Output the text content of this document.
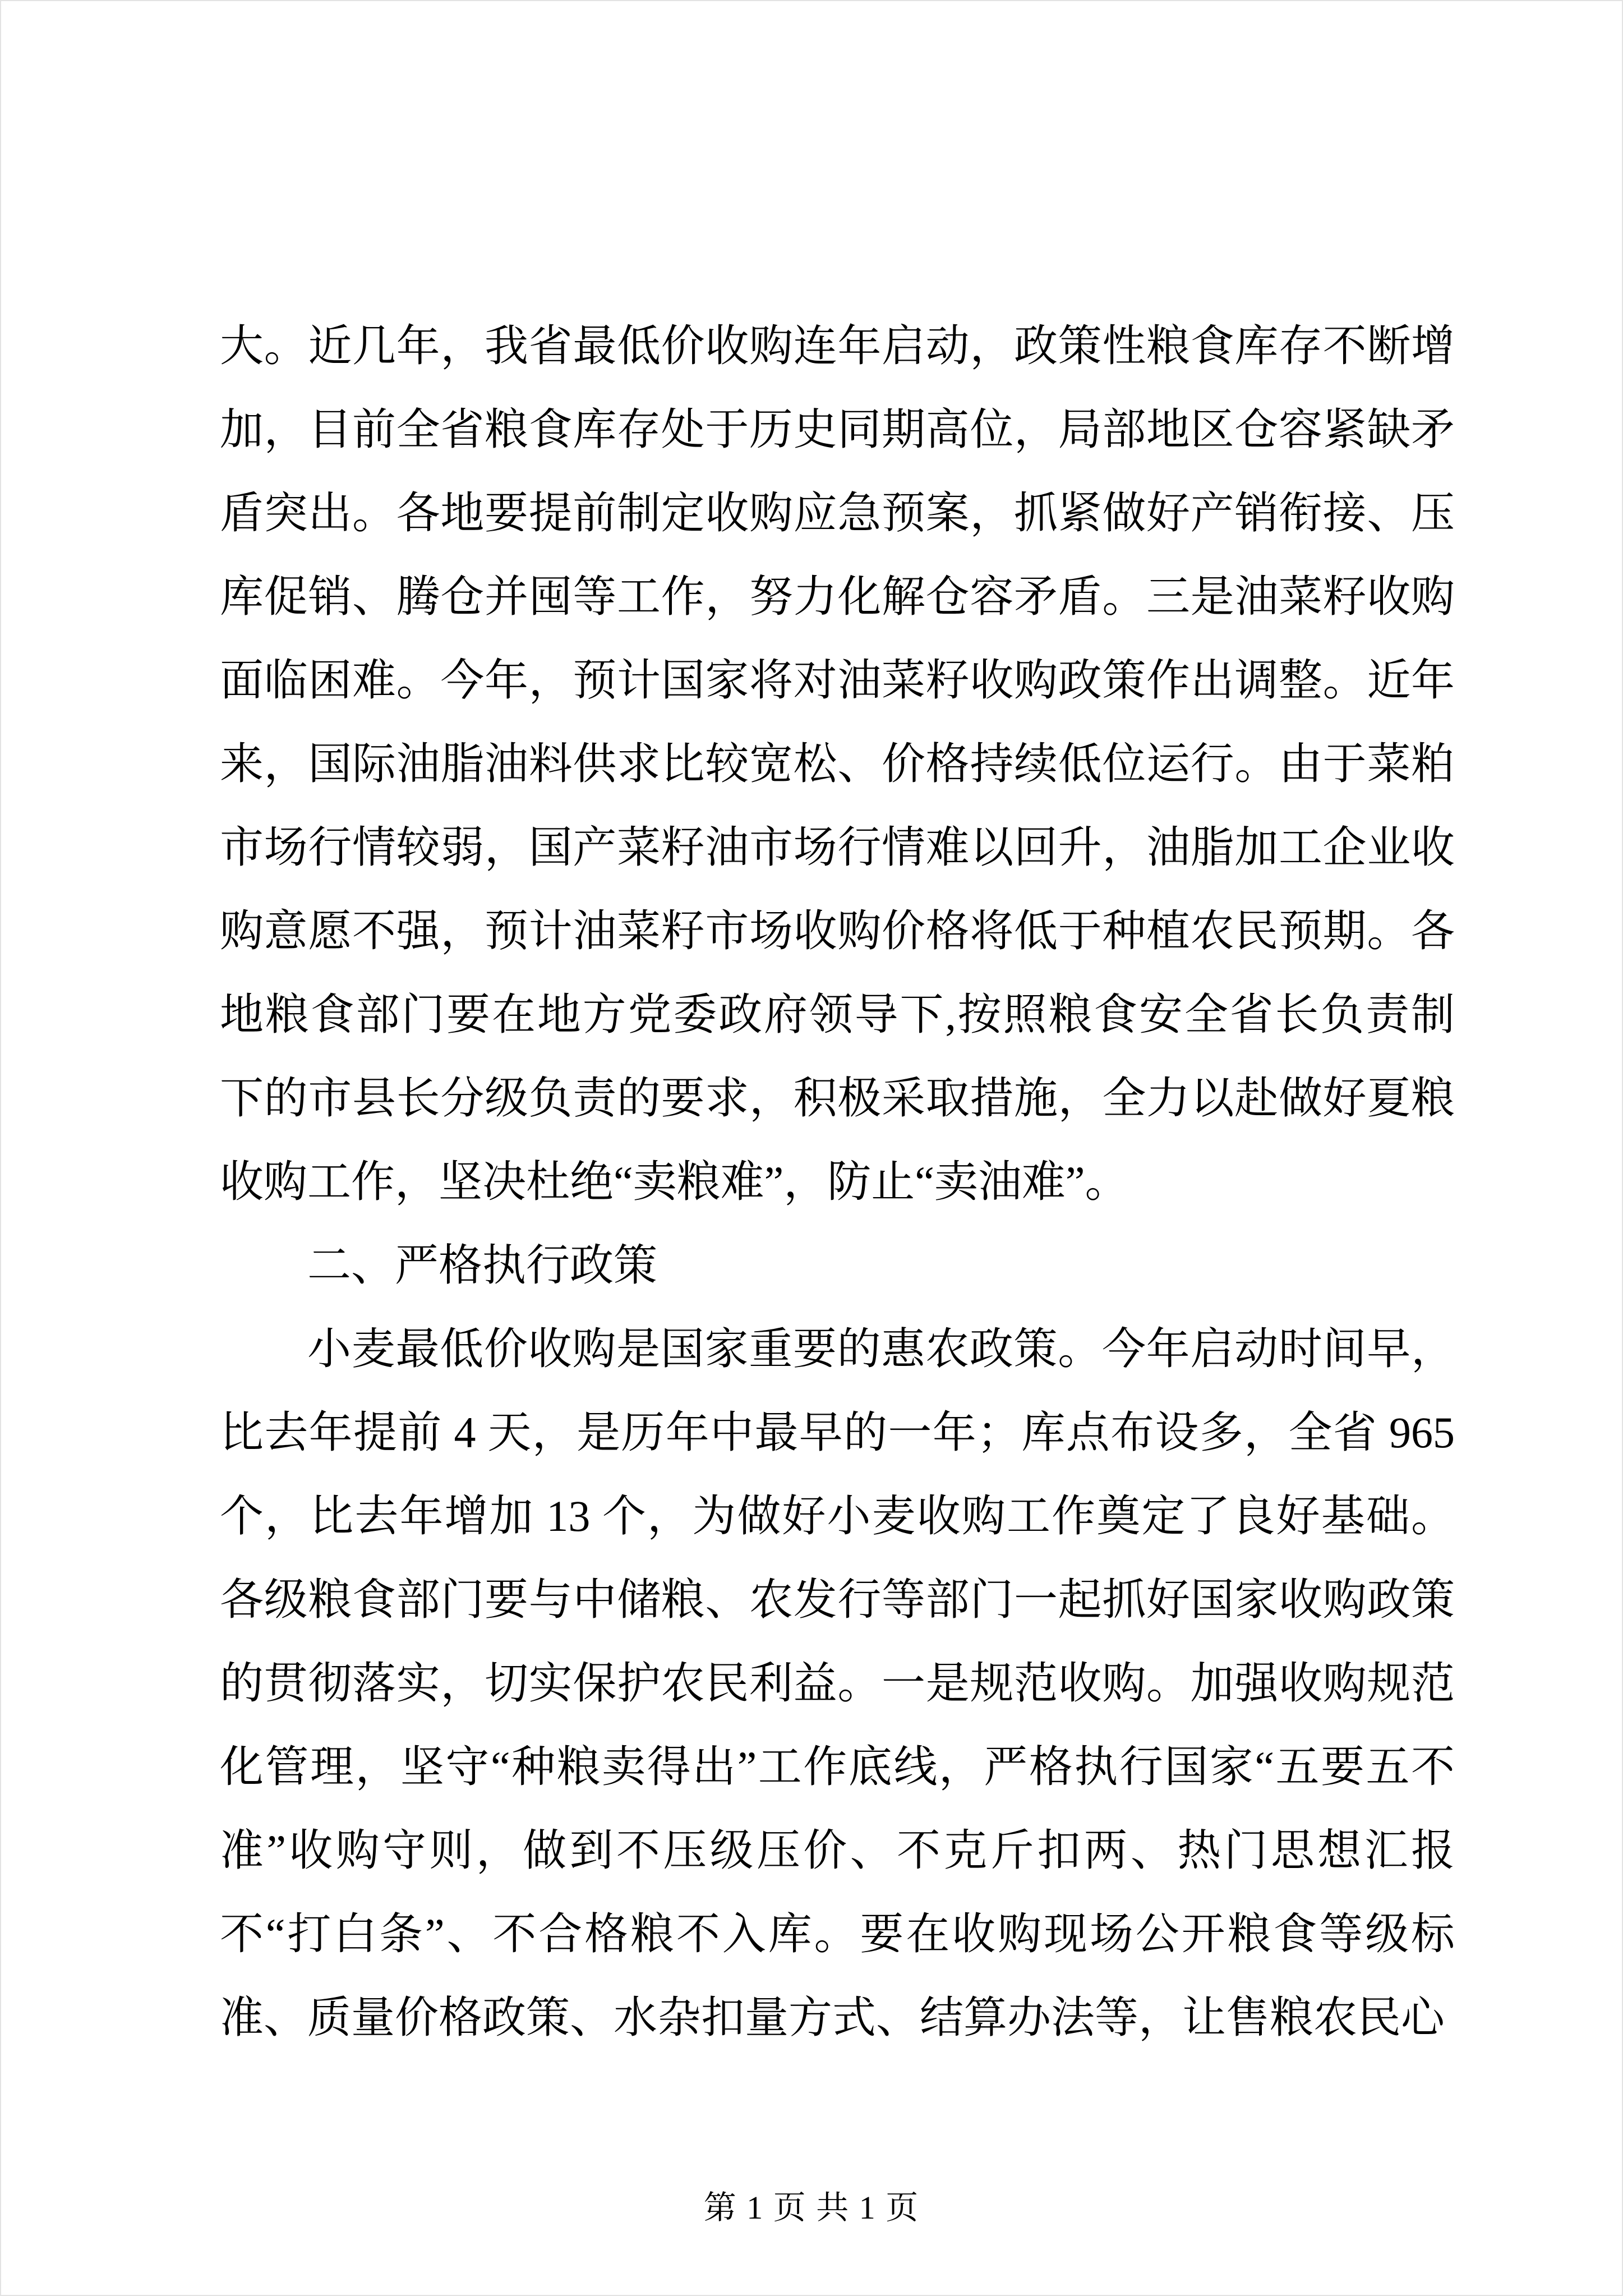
大。近几年，我省最低价收购连年启动，政策性粮食库存不断增加，目前全省粮食库存处于历史同期高位，局部地区仓容紧缺矛盾突出。各地要提前制定收购应急预案，抓紧做好产销衔接、压库促销、腾仓并囤等工作，努力化解仓容矛盾。三是油菜籽收购面临困难。今年，预计国家将对油菜籽收购政策作出调整。近年来，国际油脂油料供求比较宽松、价格持续低位运行。由于菜粕市场行情较弱，国产菜籽油市场行情难以回升，油脂加工企业收购意愿不强，预计油菜籽市场收购价格将低于种植农民预期。各地粮食部门要在地方党委政府领导下,按照粮食安全省长负责制下的市县长分级负责的要求，积极采取措施，全力以赴做好夏粮收购工作，坚决杜绝“卖粮难”，防止“卖油难”。

二、严格执行政策

小麦最低价收购是国家重要的惠农政策。今年启动时间早，比去年提前 4 天，是历年中最早的一年；库点布设多，全省 965 个，比去年增加 13 个，为做好小麦收购工作奠定了良好基础。各级粮食部门要与中储粮、农发行等部门一起抓好国家收购政策的贯彻落实，切实保护农民利益。一是规范收购。加强收购规范化管理，坚守“种粮卖得出”工作底线，严格执行国家“五要五不准”收购守则，做到不压级压价、不克斤扣两、热门思想汇报不“打白条”、不合格粮不入库。要在收购现场公开粮食等级标准、质量价格政策、水杂扣量方式、结算办法等，让售粮农民心

第 1 页 共 1 页
